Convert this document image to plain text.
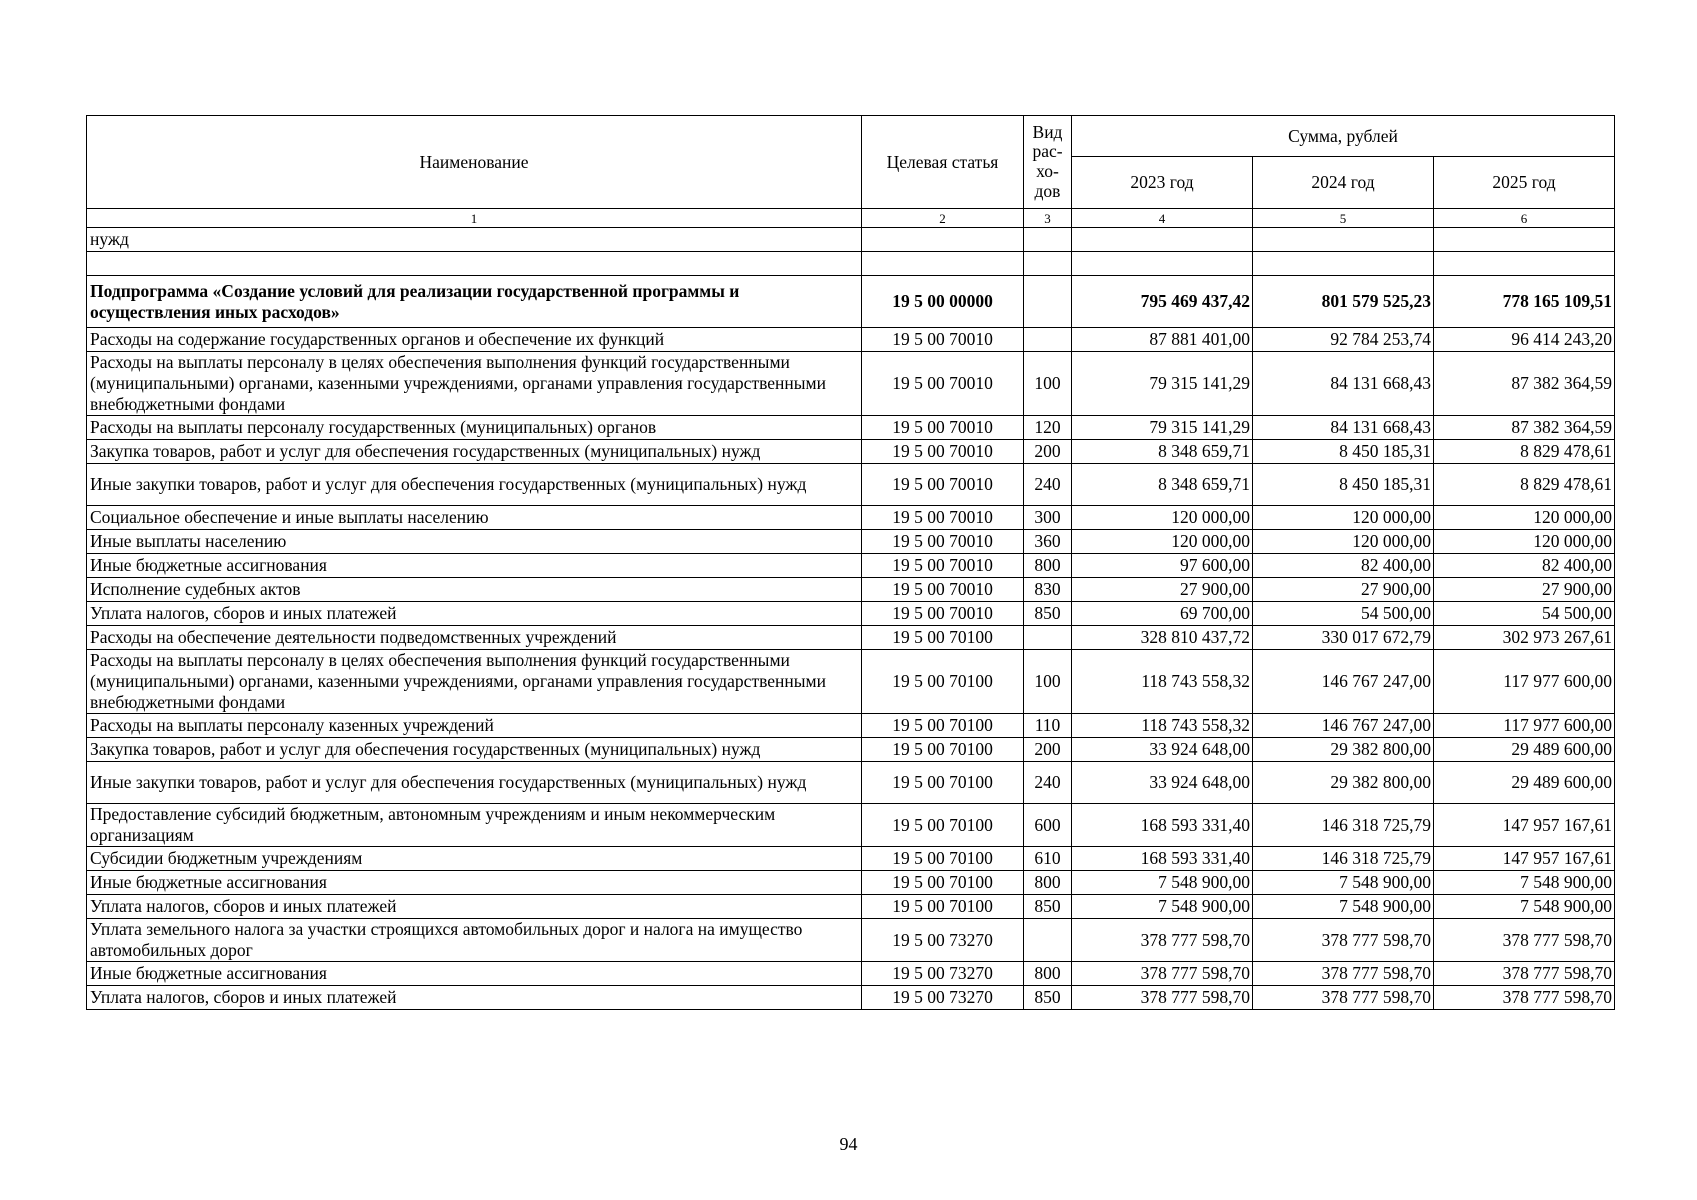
Наименование	Целевая статья	Вид
рас-
хо-
дов	Сумма, рублей		
			2023 год	2024 год	2025 год
1	2	3	4	5	6
нужд					

Подпрограмма «Создание условий для реализации государственной программы и осуществления иных расходов»	19 5 00 00000		795 469 437,42	801 579 525,23	778 165 109,51
Расходы на содержание государственных органов и обеспечение их функций	19 5 00 70010		87 881 401,00	92 784 253,74	96 414 243,20
Расходы на выплаты персоналу в целях обеспечения выполнения функций государственными (муниципальными) органами, казенными учреждениями, органами управления государственными внебюджетными фондами	19 5 00 70010	100	79 315 141,29	84 131 668,43	87 382 364,59
Расходы на выплаты персоналу государственных (муниципальных) органов	19 5 00 70010	120	79 315 141,29	84 131 668,43	87 382 364,59
Закупка товаров, работ и услуг для обеспечения государственных (муниципальных) нужд	19 5 00 70010	200	8 348 659,71	8 450 185,31	8 829 478,61
Иные закупки товаров, работ и услуг для обеспечения государственных (муниципальных) нужд	19 5 00 70010	240	8 348 659,71	8 450 185,31	8 829 478,61
Социальное обеспечение и иные выплаты населению	19 5 00 70010	300	120 000,00	120 000,00	120 000,00
Иные выплаты населению	19 5 00 70010	360	120 000,00	120 000,00	120 000,00
Иные бюджетные ассигнования	19 5 00 70010	800	97 600,00	82 400,00	82 400,00
Исполнение судебных актов	19 5 00 70010	830	27 900,00	27 900,00	27 900,00
Уплата налогов, сборов и иных платежей	19 5 00 70010	850	69 700,00	54 500,00	54 500,00
Расходы на обеспечение деятельности подведомственных учреждений	19 5 00 70100		328 810 437,72	330 017 672,79	302 973 267,61
Расходы на выплаты персоналу в целях обеспечения выполнения функций государственными (муниципальными) органами, казенными учреждениями, органами управления государственными внебюджетными фондами	19 5 00 70100	100	118 743 558,32	146 767 247,00	117 977 600,00
Расходы на выплаты персоналу казенных учреждений	19 5 00 70100	110	118 743 558,32	146 767 247,00	117 977 600,00
Закупка товаров, работ и услуг для обеспечения государственных (муниципальных) нужд	19 5 00 70100	200	33 924 648,00	29 382 800,00	29 489 600,00
Иные закупки товаров, работ и услуг для обеспечения государственных (муниципальных) нужд	19 5 00 70100	240	33 924 648,00	29 382 800,00	29 489 600,00
Предоставление субсидий бюджетным, автономным учреждениям и иным некоммерческим организациям	19 5 00 70100	600	168 593 331,40	146 318 725,79	147 957 167,61
Субсидии бюджетным учреждениям	19 5 00 70100	610	168 593 331,40	146 318 725,79	147 957 167,61
Иные бюджетные ассигнования	19 5 00 70100	800	7 548 900,00	7 548 900,00	7 548 900,00
Уплата налогов, сборов и иных платежей	19 5 00 70100	850	7 548 900,00	7 548 900,00	7 548 900,00
Уплата земельного налога за участки строящихся автомобильных дорог и налога на имущество автомобильных дорог	19 5 00 73270		378 777 598,70	378 777 598,70	378 777 598,70
Иные бюджетные ассигнования	19 5 00 73270	800	378 777 598,70	378 777 598,70	378 777 598,70
Уплата налогов, сборов и иных платежей	19 5 00 73270	850	378 777 598,70	378 777 598,70	378 777 598,70
94
